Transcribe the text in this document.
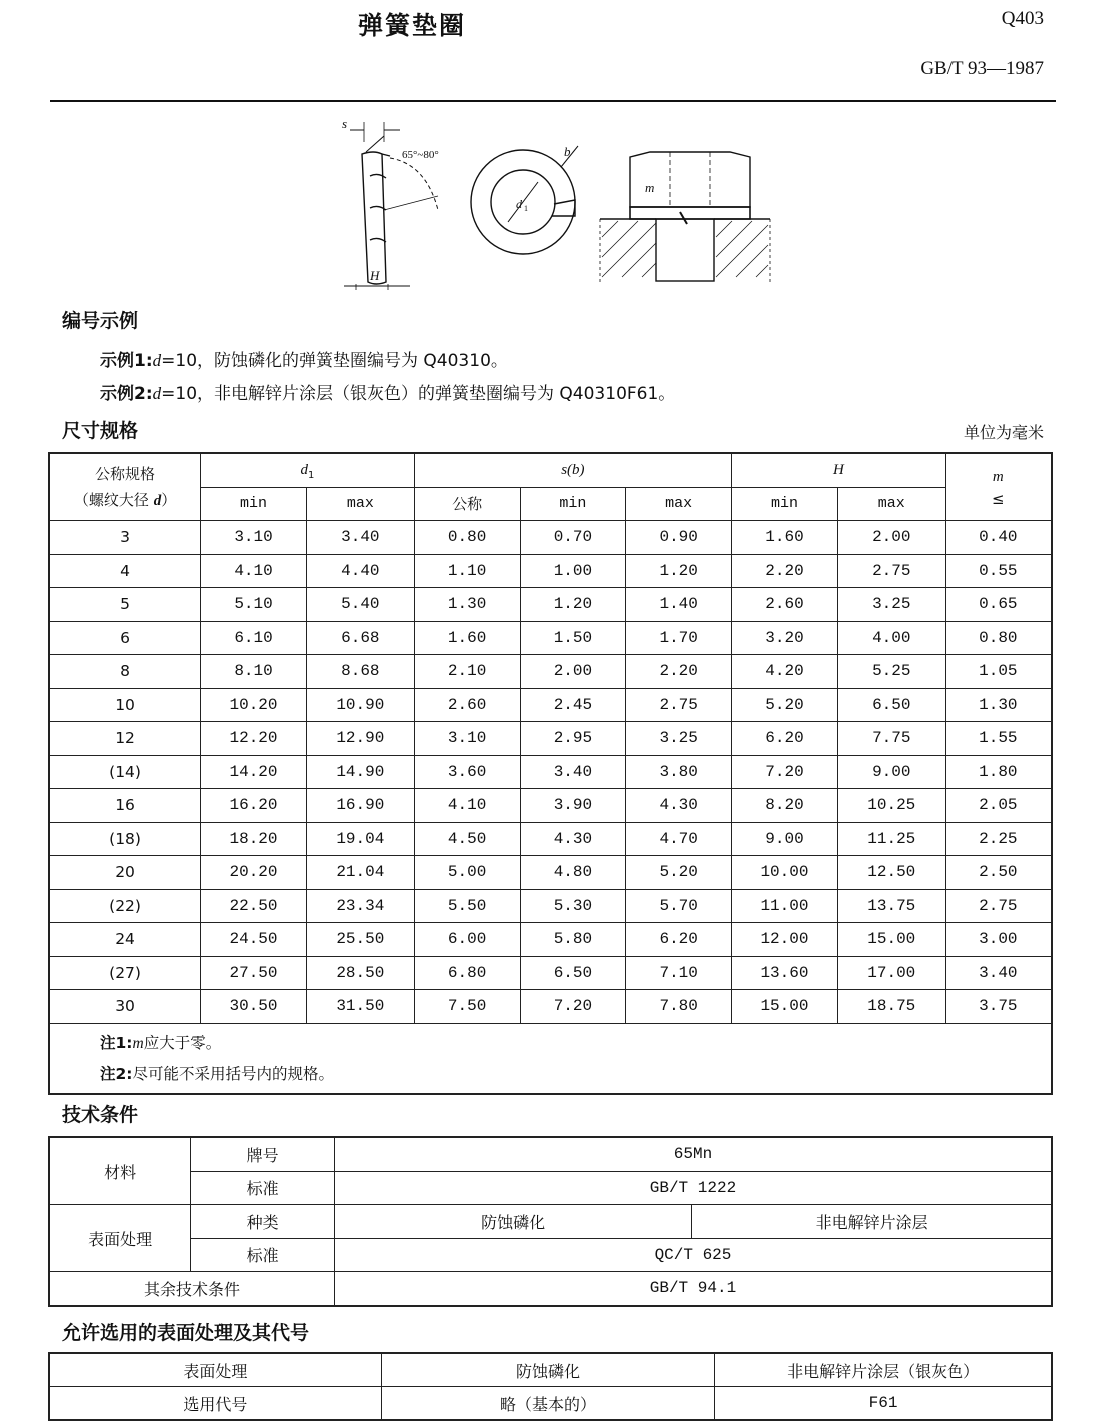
弹簧垫圈	Q403
GB/T 93—1987
s
65°~80°
H
b
d 1
m
编号示例
示例1:d=10，防蚀磷化的弹簧垫圈编号为 Q40310。
示例2:d=10，非电解锌片涂层（银灰色）的弹簧垫圈编号为 Q40310F61。
尺寸规格	单位为毫米
公称规格
（螺纹大径 d）	$d_1$		s(b)			H		m
≤
	min	max	公称	min	max	min	max	
3	3.10	3.40	0.80	0.70	0.90	1.60	2.00	0.40
4	4.10	4.40	1.10	1.00	1.20	2.20	2.75	0.55
5	5.10	5.40	1.30	1.20	1.40	2.60	3.25	0.65
6	6.10	6.68	1.60	1.50	1.70	3.20	4.00	0.80
8	8.10	8.68	2.10	2.00	2.20	4.20	5.25	1.05
10	10.20	10.90	2.60	2.45	2.75	5.20	6.50	1.30
12	12.20	12.90	3.10	2.95	3.25	6.20	7.75	1.55
(14)	14.20	14.90	3.60	3.40	3.80	7.20	9.00	1.80
16	16.20	16.90	4.10	3.90	4.30	8.20	10.25	2.05
(18)	18.20	19.04	4.50	4.30	4.70	9.00	11.25	2.25
20	20.20	21.04	5.00	4.80	5.20	10.00	12.50	2.50
(22)	22.50	23.34	5.50	5.30	5.70	11.00	13.75	2.75
24	24.50	25.50	6.00	5.80	6.20	12.00	15.00	3.00
(27)	27.50	28.50	6.80	6.50	7.10	13.60	17.00	3.40
30	30.50	31.50	7.50	7.20	7.80	15.00	18.75	3.75

注1:m应大于零。
注2:尽可能不采用括号内的规格。								
技术条件
材料	牌号	65Mn	
	标准	GB/T 1222	
表面处理	种类	防蚀磷化	非电解锌片涂层
	标准	QC/T 625	
其余技术条件		GB/T 94.1	
允许选用的表面处理及其代号
表面处理	防蚀磷化	非电解锌片涂层（银灰色）
选用代号	略（基本的）	F61
